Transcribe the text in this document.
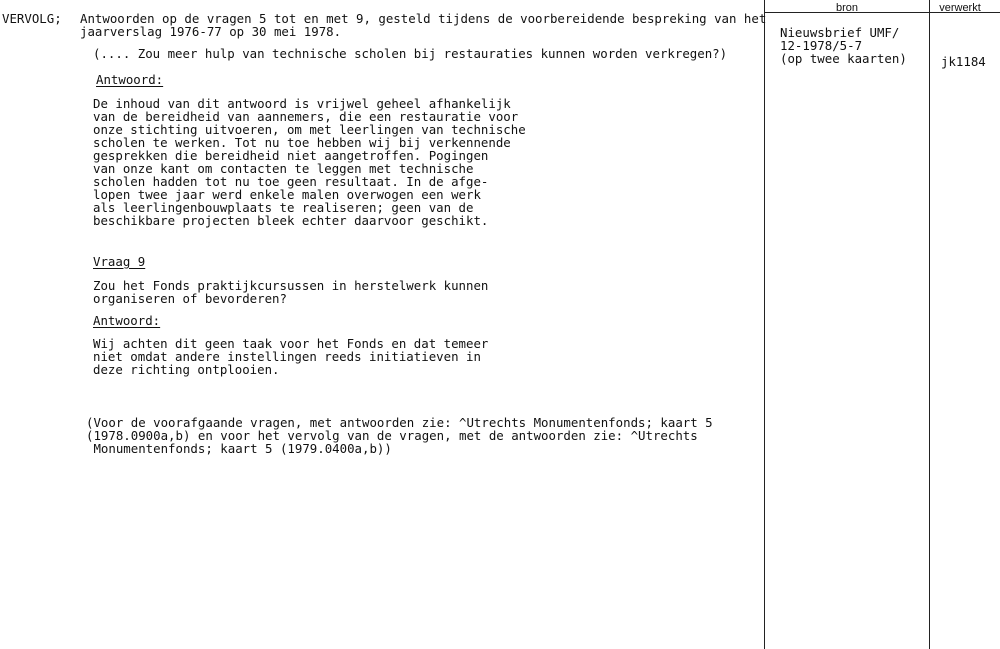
bron	verwerkt
Nieuwsbrief UMF/
12-1978/5-7
(op twee kaarten)	jk1184
VERVOLG; Antwoorden op de vragen 5 tot en met 9, gesteld tijdens de voorbereidende bespreking van het
jaarverslag 1976-77 op 30 mei 1978.
(.... Zou meer hulp van technische scholen bij restauraties kunnen worden verkregen?)
Antwoord:
De inhoud van dit antwoord is vrijwel geheel afhankelijk
van de bereidheid van aannemers, die een restauratie voor
onze stichting uitvoeren, om met leerlingen van technische
scholen te werken. Tot nu toe hebben wij bij verkennende
gesprekken die bereidheid niet aangetroffen. Pogingen
van onze kant om contacten te leggen met technische
scholen hadden tot nu toe geen resultaat. In de afge-
lopen twee jaar werd enkele malen overwogen een werk
als leerlingenbouwplaats te realiseren; geen van de
beschikbare projecten bleek echter daarvoor geschikt.
Vraag 9
Zou het Fonds praktijkcursussen in herstelwerk kunnen
organiseren of bevorderen?
Antwoord:
Wij achten dit geen taak voor het Fonds en dat temeer
niet omdat andere instellingen reeds initiatieven in
deze richting ontplooien.
(Voor de voorafgaande vragen, met antwoorden zie: ^Utrechts Monumentenfonds; kaart 5
(1978.0900a,b) en voor het vervolg van de vragen, met de antwoorden zie: ^Utrechts
Monumentenfonds; kaart 5 (1979.0400a,b))
